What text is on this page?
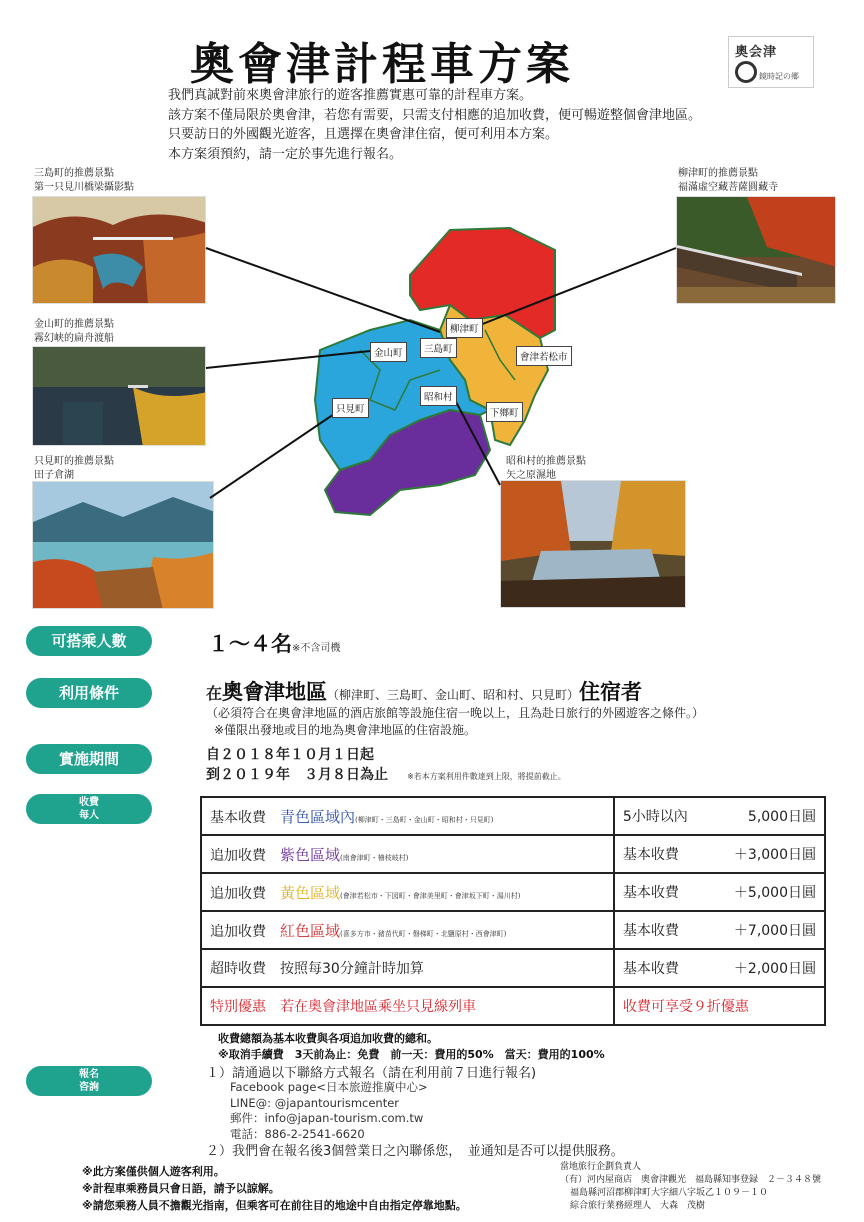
奧會津計程車方案	奧会津
鏡時記の郷

我們真誠對前來奧會津旅行的遊客推薦實惠可靠的計程車方案。

該方案不僅局限於奧會津，若您有需要，只需支付相應的追加收費，便可暢遊整個會津地區。

只要訪日的外國觀光遊客，且選擇在奧會津住宿，便可利用本方案。

本方案須預約，請一定於事先進行報名。

三島町的推薦景點
第一只見川橋梁攝影點
金山町的推薦景點
霧幻峡的扁舟渡船
只見町的推薦景點
田子倉湖
柳津町的推薦景點
福滿虛空藏菩薩圓藏寺
昭和村的推薦景點
矢之原濕地
柳津町
金山町	三島町
會津若松市
昭和村
只見町	下鄉町
可搭乘人數	１～４名※不含司機
利用條件	在奧會津地區（柳津町、三島町、金山町、昭和村、只見町）住宿者
（必須符合在奧會津地區的酒店旅館等設施住宿一晚以上，且為赴日旅行的外國遊客之條件。）
※僅限出發地或目的地為奧會津地區的住宿設施。
實施期間	自２０１８年１０月１日起
到２０１９年　３月８日為止 ※若本方案利用件數達到上限，將提前截止。
收費
每人	基本收費　 青色區域內(柳津町・三島町・金山町・昭和村・只見町)	5小時以內 5,000日圓

追加收費　 紫色區域(南會津町・檜枝岐村)	基本收費 ＋3,000日圓

追加收費　 黃色區域(會津若松市・下図町・會津美里町・會津坂下町・湯川村)	基本收費 ＋5,000日圓

追加收費　 紅色區域(喜多方市・豬苗代町・磐梯町・北鹽原村・西會津町)	基本收費 ＋7,000日圓

超時收費　 按照每30分鐘計時加算	基本收費 ＋2,000日圓

特別優惠　若在奧會津地區乘坐只見線列車	收費可享受９折優惠
收費總額為基本收費與各項追加收費的總和。
※取消手續費　3天前為止：免費　前一天：費用的50%　當天：費用的100%
報名
咨詢
１）請通過以下聯絡方式報名（請在利用前７日進行報名)
Facebook page<日本旅遊推廣中心>
LINE@: @japantourismcenter
郵件：info@japan-tourism.com.tw
電話：886-2-2541-6620
２）我們會在報名後3個營業日之內聯係您，　並通知是否可以提供服務。
※此方案僅供個人遊客利用。
※計程車乘務員只會日語，請予以諒解。
※請您乘務人員不擔觀光指南，但乘客可在前往目的地途中自由指定停靠地點。
當地旅行企劃負責人
（有）河内屋商店　奧會津觀光　福島縣知事登録　２－３４８號
福島縣河沼郡柳津町大字細八字坂乙１０９－１０
綜合旅行業務經理人　大森　茂樹
